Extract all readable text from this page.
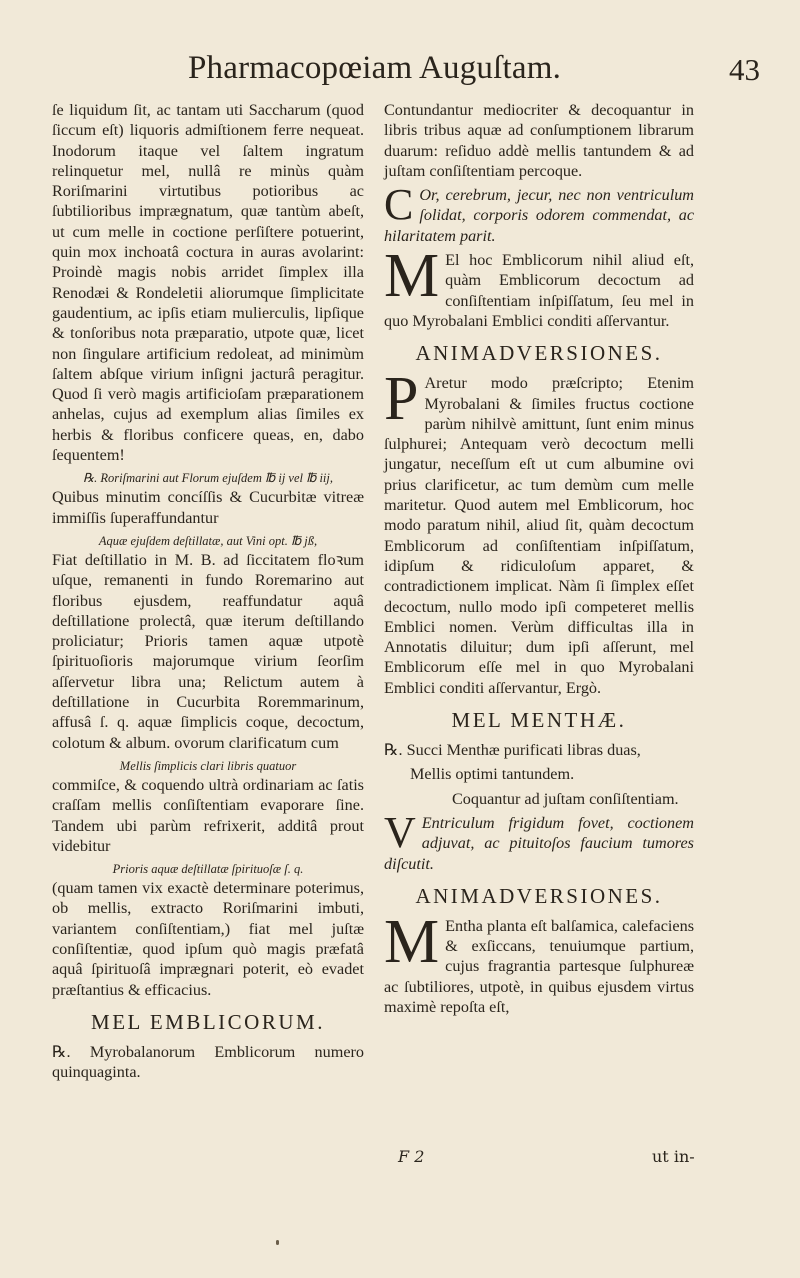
Pharmacopœiam Auguſtam.	43

ſe liquidum ſit, ac tantam uti Saccharum (quod ſiccum eſt) liquoris admiſtionem ferre nequeat. Inodorum itaque vel ſaltem ingratum relinquetur mel, nullâ re minùs quàm Roriſmarini virtutibus potioribus ac ſubtilioribus imprægnatum, quæ tantùm abeſt, ut cum melle in coctione perſiſtere potuerint, quin mox inchoatâ coctura in auras avolarint: Proindè magis nobis arridet ſimplex illa Renodæi & Rondeletii aliorumque ſimplicitate gaudentium, ac ipſis etiam mulierculis, lipſique & tonſoribus nota præparatio, utpote quæ, licet non ſingulare artificium redoleat, ad minimùm ſaltem abſque virium inſigni jacturâ peragitur. Quod ſi verò magis artificioſam præparationem anhelas, cujus ad exemplum alias ſimiles ex herbis & floribus conficere queas, en, dabo ſequentem!

℞. Roriſmarini aut Florum ejuſdem ℔ ij vel ℔ iij,

Quibus minutim concíſſis & Cucurbitæ vitreæ immiſſis ſuperaffundantur

Aquæ ejuſdem deſtillatæ, aut Vini opt. ℔ jß,

Fiat deſtillatio in M. B. ad ſiccitatem floꝛum uſque, remanenti in fundo Roremarino aut floribus ejusdem, reaffundatur aquâ deſtillatione prolectâ, quæ iterum deſtillando proliciatur; Prioris tamen aquæ utpotè ſpirituoſioris majorumque virium ſeorſim aſſervetur libra una; Relictum autem à deſtillatione in Cucurbita Roremmarinum, affusâ ſ. q. aquæ ſimplicis coque, decoctum, colotum & album. ovorum clarificatum cum

Mellis ſimplicis clari libris quatuor

commiſce, & coquendo ultrà ordinariam ac ſatis craſſam mellis conſiſtentiam evaporare ſine. Tandem ubi parùm refrixerit, additâ prout videbitur

Prioris aquæ deſtillatæ ſpirituoſæ ſ. q.

(quam tamen vix exactè determinare poterimus, ob mellis, extracto Roriſmarini imbuti, variantem conſiſtentiam,) fiat mel juſtæ conſiſtentiæ, quod ipſum quò magis præfatâ aquâ ſpirituoſâ imprægnari poterit, eò evadet præſtantius & efficacius.

MEL EMBLICORUM.

℞. Myrobalanorum Emblicorum numero quinquaginta.

Contundantur mediocriter & decoquantur in libris tribus aquæ ad conſumptionem librarum duarum: reſiduo addè mellis tantundem & ad juſtam conſiſtentiam percoque.

C Or, cerebrum, jecur, nec non ventriculum ſolidat, corporis odorem commendat, ac hilaritatem parit.

M El hoc Emblicorum nihil aliud eſt, quàm Emblicorum decoctum ad conſiſtentiam inſpiſſatum, ſeu mel in quo Myrobalani Emblici conditi aſſervantur.

ANIMADVERSIONES.
P Aretur modo præſcripto; Etenim Myrobalani & ſimiles fructus coctione parùm nihilvè amittunt, ſunt enim minus ſulphurei; Antequam verò decoctum melli jungatur, neceſſum eſt ut cum albumine ovi prius clarificetur, ac tum demùm cum melle maritetur. Quod autem mel Emblicorum, hoc modo paratum nihil, aliud ſit, quàm decoctum Emblicorum ad conſiſtentiam inſpiſſatum, idipſum & ridiculoſum apparet, & contradictionem implicat. Nàm ſi ſimplex eſſet decoctum, nullo modo ipſi competeret mellis Emblici nomen. Verùm difficultas illa in Annotatis diluitur; dum ipſi aſſerunt, mel Emblicorum eſſe mel in quo Myrobalani Emblici conditi aſſervantur, Ergò.

MEL MENTHÆ.

℞. Succi Menthæ purificati libras duas,

Mellis optimi tantundem.

Coquantur ad juſtam conſiſtentiam.

V Entriculum frigidum fovet, coctionem adjuvat, ac pituitoſos faucium tumores diſcutit.

ANIMADVERSIONES.
M Entha planta eſt balſamica, calefaciens & exſiccans, tenuiumque partium, cujus fragrantia partesque ſulphureæ ac ſubtiliores, utpotè, in quibus ejusdem virtus maximè repoſta eſt,

F 2	ut in-
